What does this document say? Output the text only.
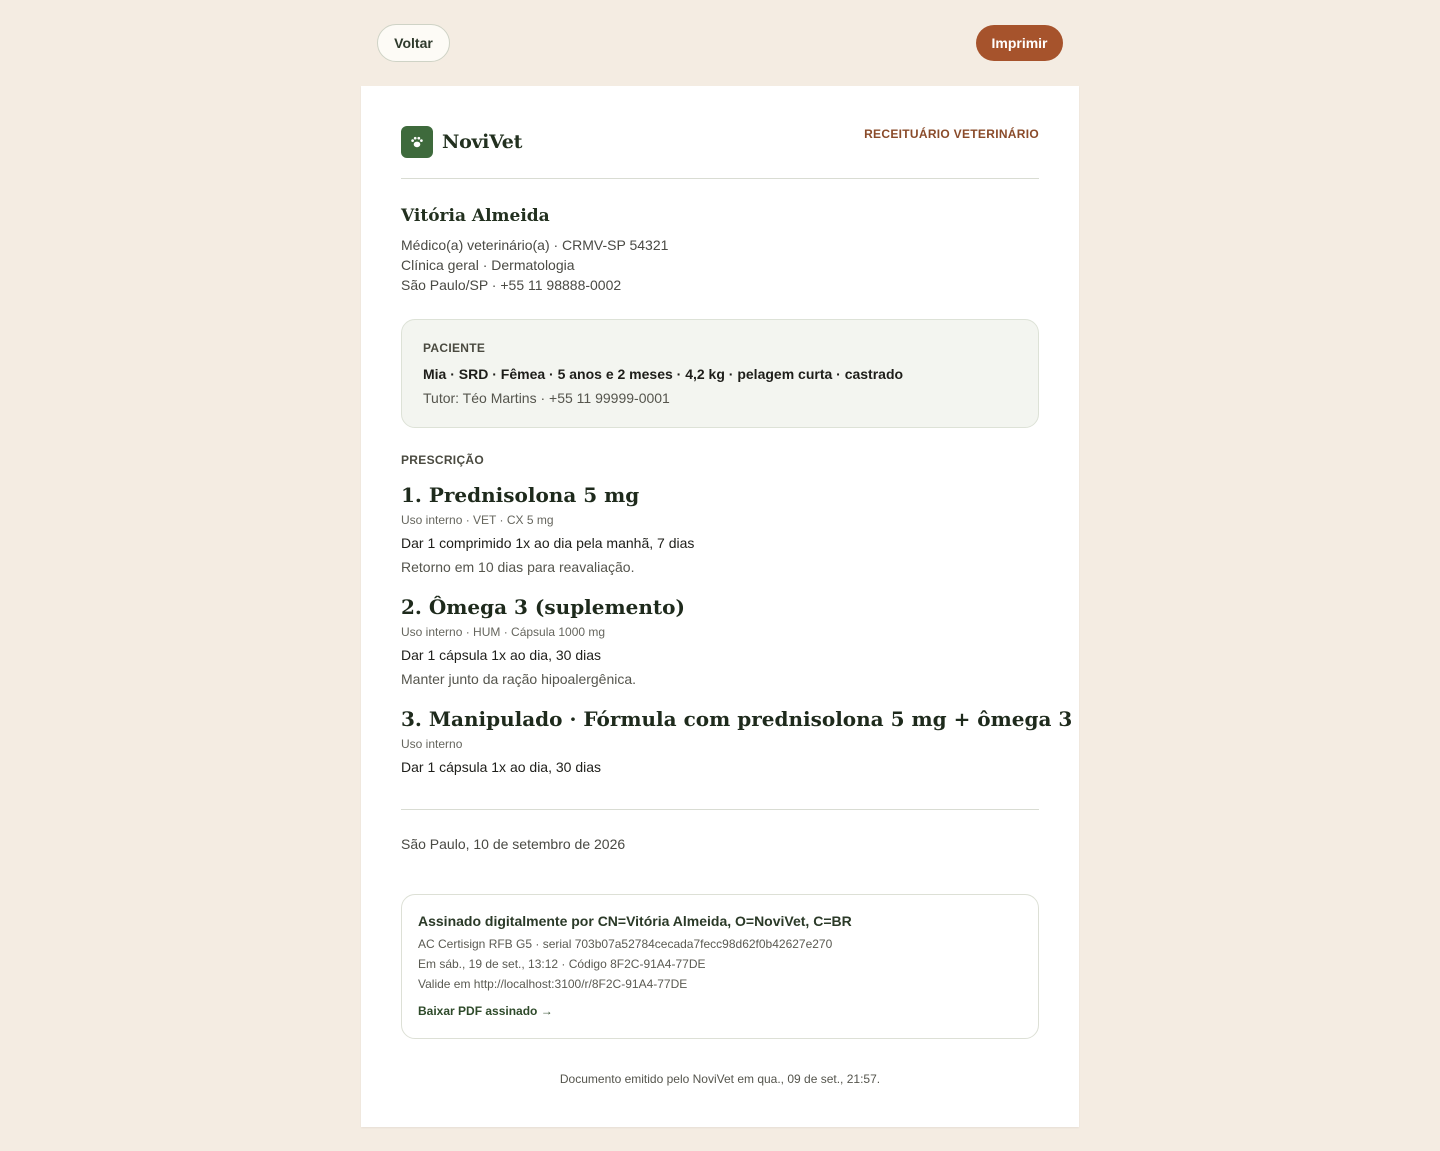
Voltar	Imprimir
NoviVet	RECEITUÁRIO VETERINÁRIO
Vitória Almeida
Médico(a) veterinário(a) · CRMV-SP 54321
Clínica geral · Dermatologia
São Paulo/SP · +55 11 98888-0002
PACIENTE
Mia · SRD · Fêmea · 5 anos e 2 meses · 4,2 kg · pelagem curta · castrado
Tutor: Téo Martins · +55 11 99999-0001
PRESCRIÇÃO
1. Prednisolona 5 mg
Uso interno · VET · CX 5 mg
Dar 1 comprimido 1x ao dia pela manhã, 7 dias
Retorno em 10 dias para reavaliação.
2. Ômega 3 (suplemento)
Uso interno · HUM · Cápsula 1000 mg
Dar 1 cápsula 1x ao dia, 30 dias
Manter junto da ração hipoalergênica.
3. Manipulado · Fórmula com prednisolona 5 mg + ômega 3
Uso interno
Dar 1 cápsula 1x ao dia, 30 dias
São Paulo, 10 de setembro de 2026
Assinado digitalmente por CN=Vitória Almeida, O=NoviVet, C=BR
AC Certisign RFB G5 · serial 703b07a52784cecada7fecc98d62f0b42627e270
Em sáb., 19 de set., 13:12 · Código 8F2C-91A4-77DE
Valide em http://localhost:3100/r/8F2C-91A4-77DE
Baixar PDF assinado →
Documento emitido pelo NoviVet em qua., 09 de set., 21:57.
